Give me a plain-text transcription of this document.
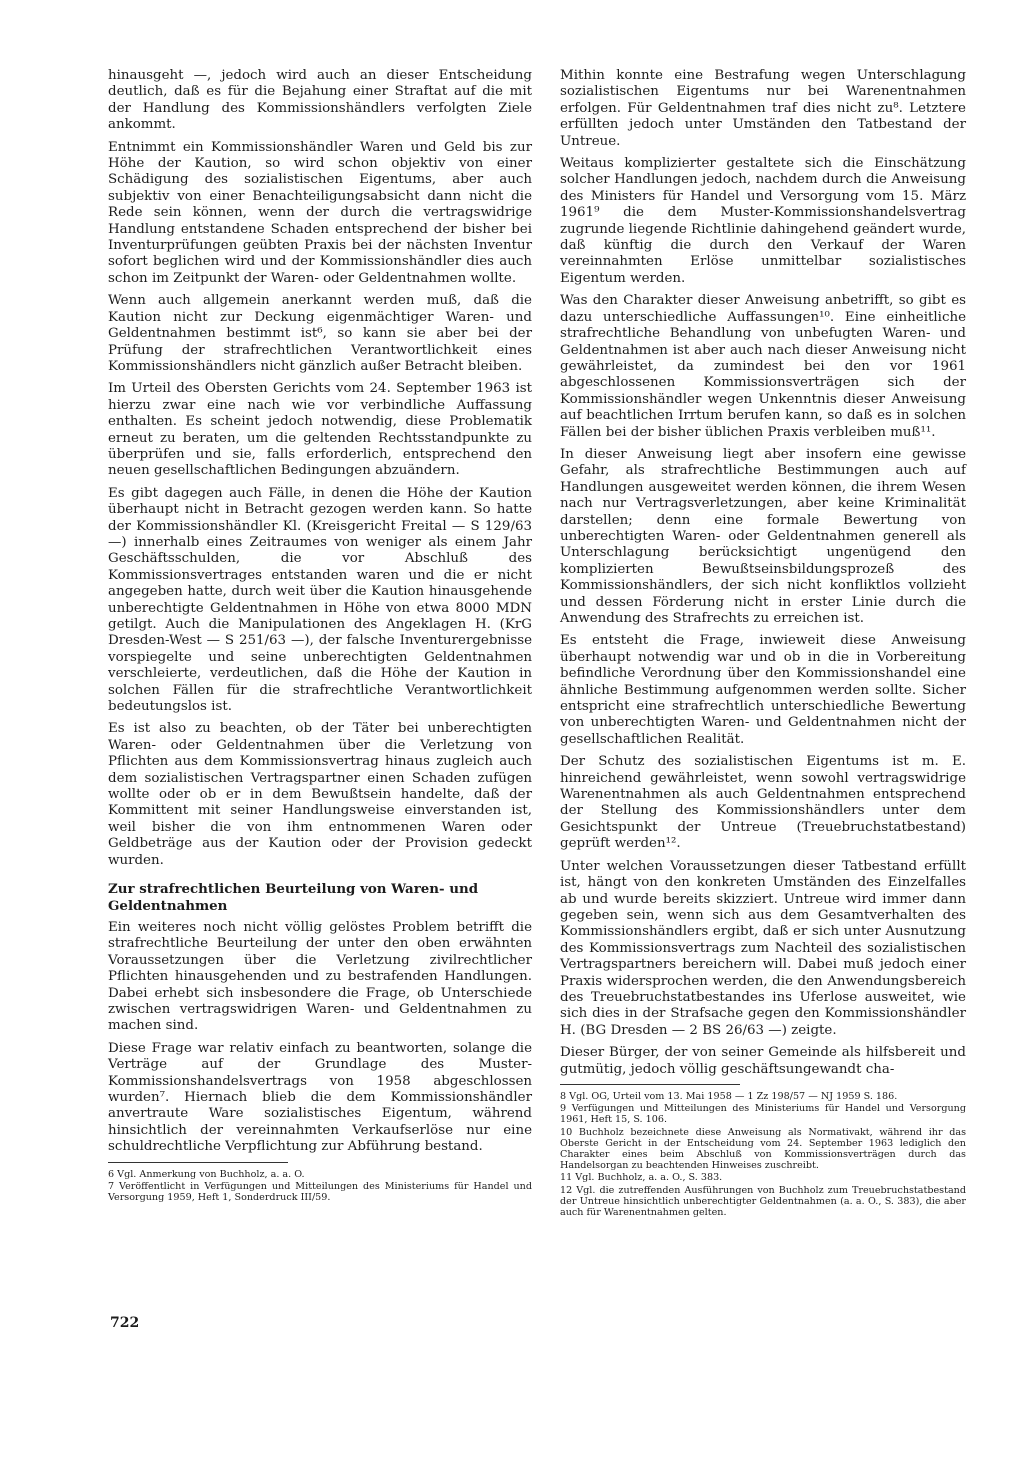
hinausgeht —, jedoch wird auch an dieser Entscheidung deutlich, daß es für die Bejahung einer Straftat auf die mit der Handlung des Kommissionshändlers verfolgten Ziele ankommt.

Entnimmt ein Kommissionshändler Waren und Geld bis zur Höhe der Kaution, so wird schon objektiv von einer Schädigung des sozialistischen Eigentums, aber auch subjektiv von einer Benachteiligungsabsicht dann nicht die Rede sein können, wenn der durch die vertragswidrige Handlung entstandene Schaden entsprechend der bisher bei Inventurprüfungen geübten Praxis bei der nächsten Inventur sofort beglichen wird und der Kommissionshändler dies auch schon im Zeitpunkt der Waren- oder Geldentnahmen wollte.

Wenn auch allgemein anerkannt werden muß, daß die Kaution nicht zur Deckung eigenmächtiger Waren- und Geldentnahmen bestimmt ist⁶, so kann sie aber bei der Prüfung der strafrechtlichen Verantwortlichkeit eines Kommissionshändlers nicht gänzlich außer Betracht bleiben.

Im Urteil des Obersten Gerichts vom 24. September 1963 ist hierzu zwar eine nach wie vor verbindliche Auffassung enthalten. Es scheint jedoch notwendig, diese Problematik erneut zu beraten, um die geltenden Rechtsstandpunkte zu überprüfen und sie, falls erforderlich, entsprechend den neuen gesellschaftlichen Bedingungen abzuändern.

Es gibt dagegen auch Fälle, in denen die Höhe der Kaution überhaupt nicht in Betracht gezogen werden kann. So hatte der Kommissionshändler Kl. (Kreisgericht Freital — S 129/63 —) innerhalb eines Zeitraumes von weniger als einem Jahr Geschäftsschulden, die vor Abschluß des Kommissionsvertrages entstanden waren und die er nicht angegeben hatte, durch weit über die Kaution hinausgehende unberechtigte Geldentnahmen in Höhe von etwa 8000 MDN getilgt. Auch die Manipulationen des Angeklagen H. (KrG Dresden-West — S 251/63 —), der falsche Inventurergebnisse vorspiegelte und seine unberechtigten Geldentnahmen verschleierte, verdeutlichen, daß die Höhe der Kaution in solchen Fällen für die strafrechtliche Verantwortlichkeit bedeutungslos ist.

Es ist also zu beachten, ob der Täter bei unberechtigten Waren- oder Geldentnahmen über die Verletzung von Pflichten aus dem Kommissionsvertrag hinaus zugleich auch dem sozialistischen Vertragspartner einen Schaden zufügen wollte oder ob er in dem Bewußtsein handelte, daß der Kommittent mit seiner Handlungsweise einverstanden ist, weil bisher die von ihm entnommenen Waren oder Geldbeträge aus der Kaution oder der Provision gedeckt wurden.

Zur strafrechtlichen Beurteilung von Waren- und Geldentnahmen

Ein weiteres noch nicht völlig gelöstes Problem betrifft die strafrechtliche Beurteilung der unter den oben erwähnten Voraussetzungen über die Verletzung zivilrechtlicher Pflichten hinausgehenden und zu bestrafenden Handlungen. Dabei erhebt sich insbesondere die Frage, ob Unterschiede zwischen vertragswidrigen Waren- und Geldentnahmen zu machen sind.

Diese Frage war relativ einfach zu beantworten, solange die Verträge auf der Grundlage des Muster-Kommissionshandelsvertrags von 1958 abgeschlossen wurden⁷. Hiernach blieb die dem Kommissionshändler anvertraute Ware sozialistisches Eigentum, während hinsichtlich der vereinnahmten Verkaufserlöse nur eine schuldrechtliche Verpflichtung zur Abführung bestand.

6 Vgl. Anmerkung von Buchholz, a. a. O.

7 Veröffentlicht in Verfügungen und Mitteilungen des Ministeriums für Handel und Versorgung 1959, Heft 1, Sonderdruck III/59.

Mithin konnte eine Bestrafung wegen Unterschlagung sozialistischen Eigentums nur bei Warenentnahmen erfolgen. Für Geldentnahmen traf dies nicht zu⁸. Letztere erfüllten jedoch unter Umständen den Tatbestand der Untreue.

Weitaus komplizierter gestaltete sich die Einschätzung solcher Handlungen jedoch, nachdem durch die Anweisung des Ministers für Handel und Versorgung vom 15. März 1961⁹ die dem Muster-Kommissionshandelsvertrag zugrunde liegende Richtlinie dahingehend geändert wurde, daß künftig die durch den Verkauf der Waren vereinnahmten Erlöse unmittelbar sozialistisches Eigentum werden.

Was den Charakter dieser Anweisung anbetrifft, so gibt es dazu unterschiedliche Auffassungen¹⁰. Eine einheitliche strafrechtliche Behandlung von unbefugten Waren- und Geldentnahmen ist aber auch nach dieser Anweisung nicht gewährleistet, da zumindest bei den vor 1961 abgeschlossenen Kommissionsverträgen sich der Kommissionshändler wegen Unkenntnis dieser Anweisung auf beachtlichen Irrtum berufen kann, so daß es in solchen Fällen bei der bisher üblichen Praxis verbleiben muß¹¹.

In dieser Anweisung liegt aber insofern eine gewisse Gefahr, als strafrechtliche Bestimmungen auch auf Handlungen ausgeweitet werden können, die ihrem Wesen nach nur Vertragsverletzungen, aber keine Kriminalität darstellen; denn eine formale Bewertung von unberechtigten Waren- oder Geldentnahmen generell als Unterschlagung berücksichtigt ungenügend den komplizierten Bewußtseinsbildungsprozeß des Kommissionshändlers, der sich nicht konfliktlos vollzieht und dessen Förderung nicht in erster Linie durch die Anwendung des Strafrechts zu erreichen ist.

Es entsteht die Frage, inwieweit diese Anweisung überhaupt notwendig war und ob in die in Vorbereitung befindliche Verordnung über den Kommissionshandel eine ähnliche Bestimmung aufgenommen werden sollte. Sicher entspricht eine strafrechtlich unterschiedliche Bewertung von unberechtigten Waren- und Geldentnahmen nicht der gesellschaftlichen Realität.

Der Schutz des sozialistischen Eigentums ist m. E. hinreichend gewährleistet, wenn sowohl vertragswidrige Warenentnahmen als auch Geldentnahmen entsprechend der Stellung des Kommissionshändlers unter dem Gesichtspunkt der Untreue (Treuebruchstatbestand) geprüft werden¹².

Unter welchen Voraussetzungen dieser Tatbestand erfüllt ist, hängt von den konkreten Umständen des Einzelfalles ab und wurde bereits skizziert. Untreue wird immer dann gegeben sein, wenn sich aus dem Gesamtverhalten des Kommissionshändlers ergibt, daß er sich unter Ausnutzung des Kommissionsvertrags zum Nachteil des sozialistischen Vertragspartners bereichern will. Dabei muß jedoch einer Praxis widersprochen werden, die den Anwendungsbereich des Treuebruchstatbestandes ins Uferlose ausweitet, wie sich dies in der Strafsache gegen den Kommissionshändler H. (BG Dresden — 2 BS 26/63 —) zeigte.

Dieser Bürger, der von seiner Gemeinde als hilfsbereit und gutmütig, jedoch völlig geschäftsungewandt cha-

8 Vgl. OG, Urteil vom 13. Mai 1958 — 1 Zz 198/57 — NJ 1959 S. 186.

9 Verfügungen und Mitteilungen des Ministeriums für Handel und Versorgung 1961, Heft 15, S. 106.

10 Buchholz bezeichnete diese Anweisung als Normativakt, während ihr das Oberste Gericht in der Entscheidung vom 24. September 1963 lediglich den Charakter eines beim Abschluß von Kommissionsverträgen durch das Handelsorgan zu beachtenden Hinweises zuschreibt.

11 Vgl. Buchholz, a. a. O., S. 383.

12 Vgl. die zutreffenden Ausführungen von Buchholz zum Treuebruchstatbestand der Untreue hinsichtlich unberechtigter Geldentnahmen (a. a. O., S. 383), die aber auch für Warenentnahmen gelten.

722
